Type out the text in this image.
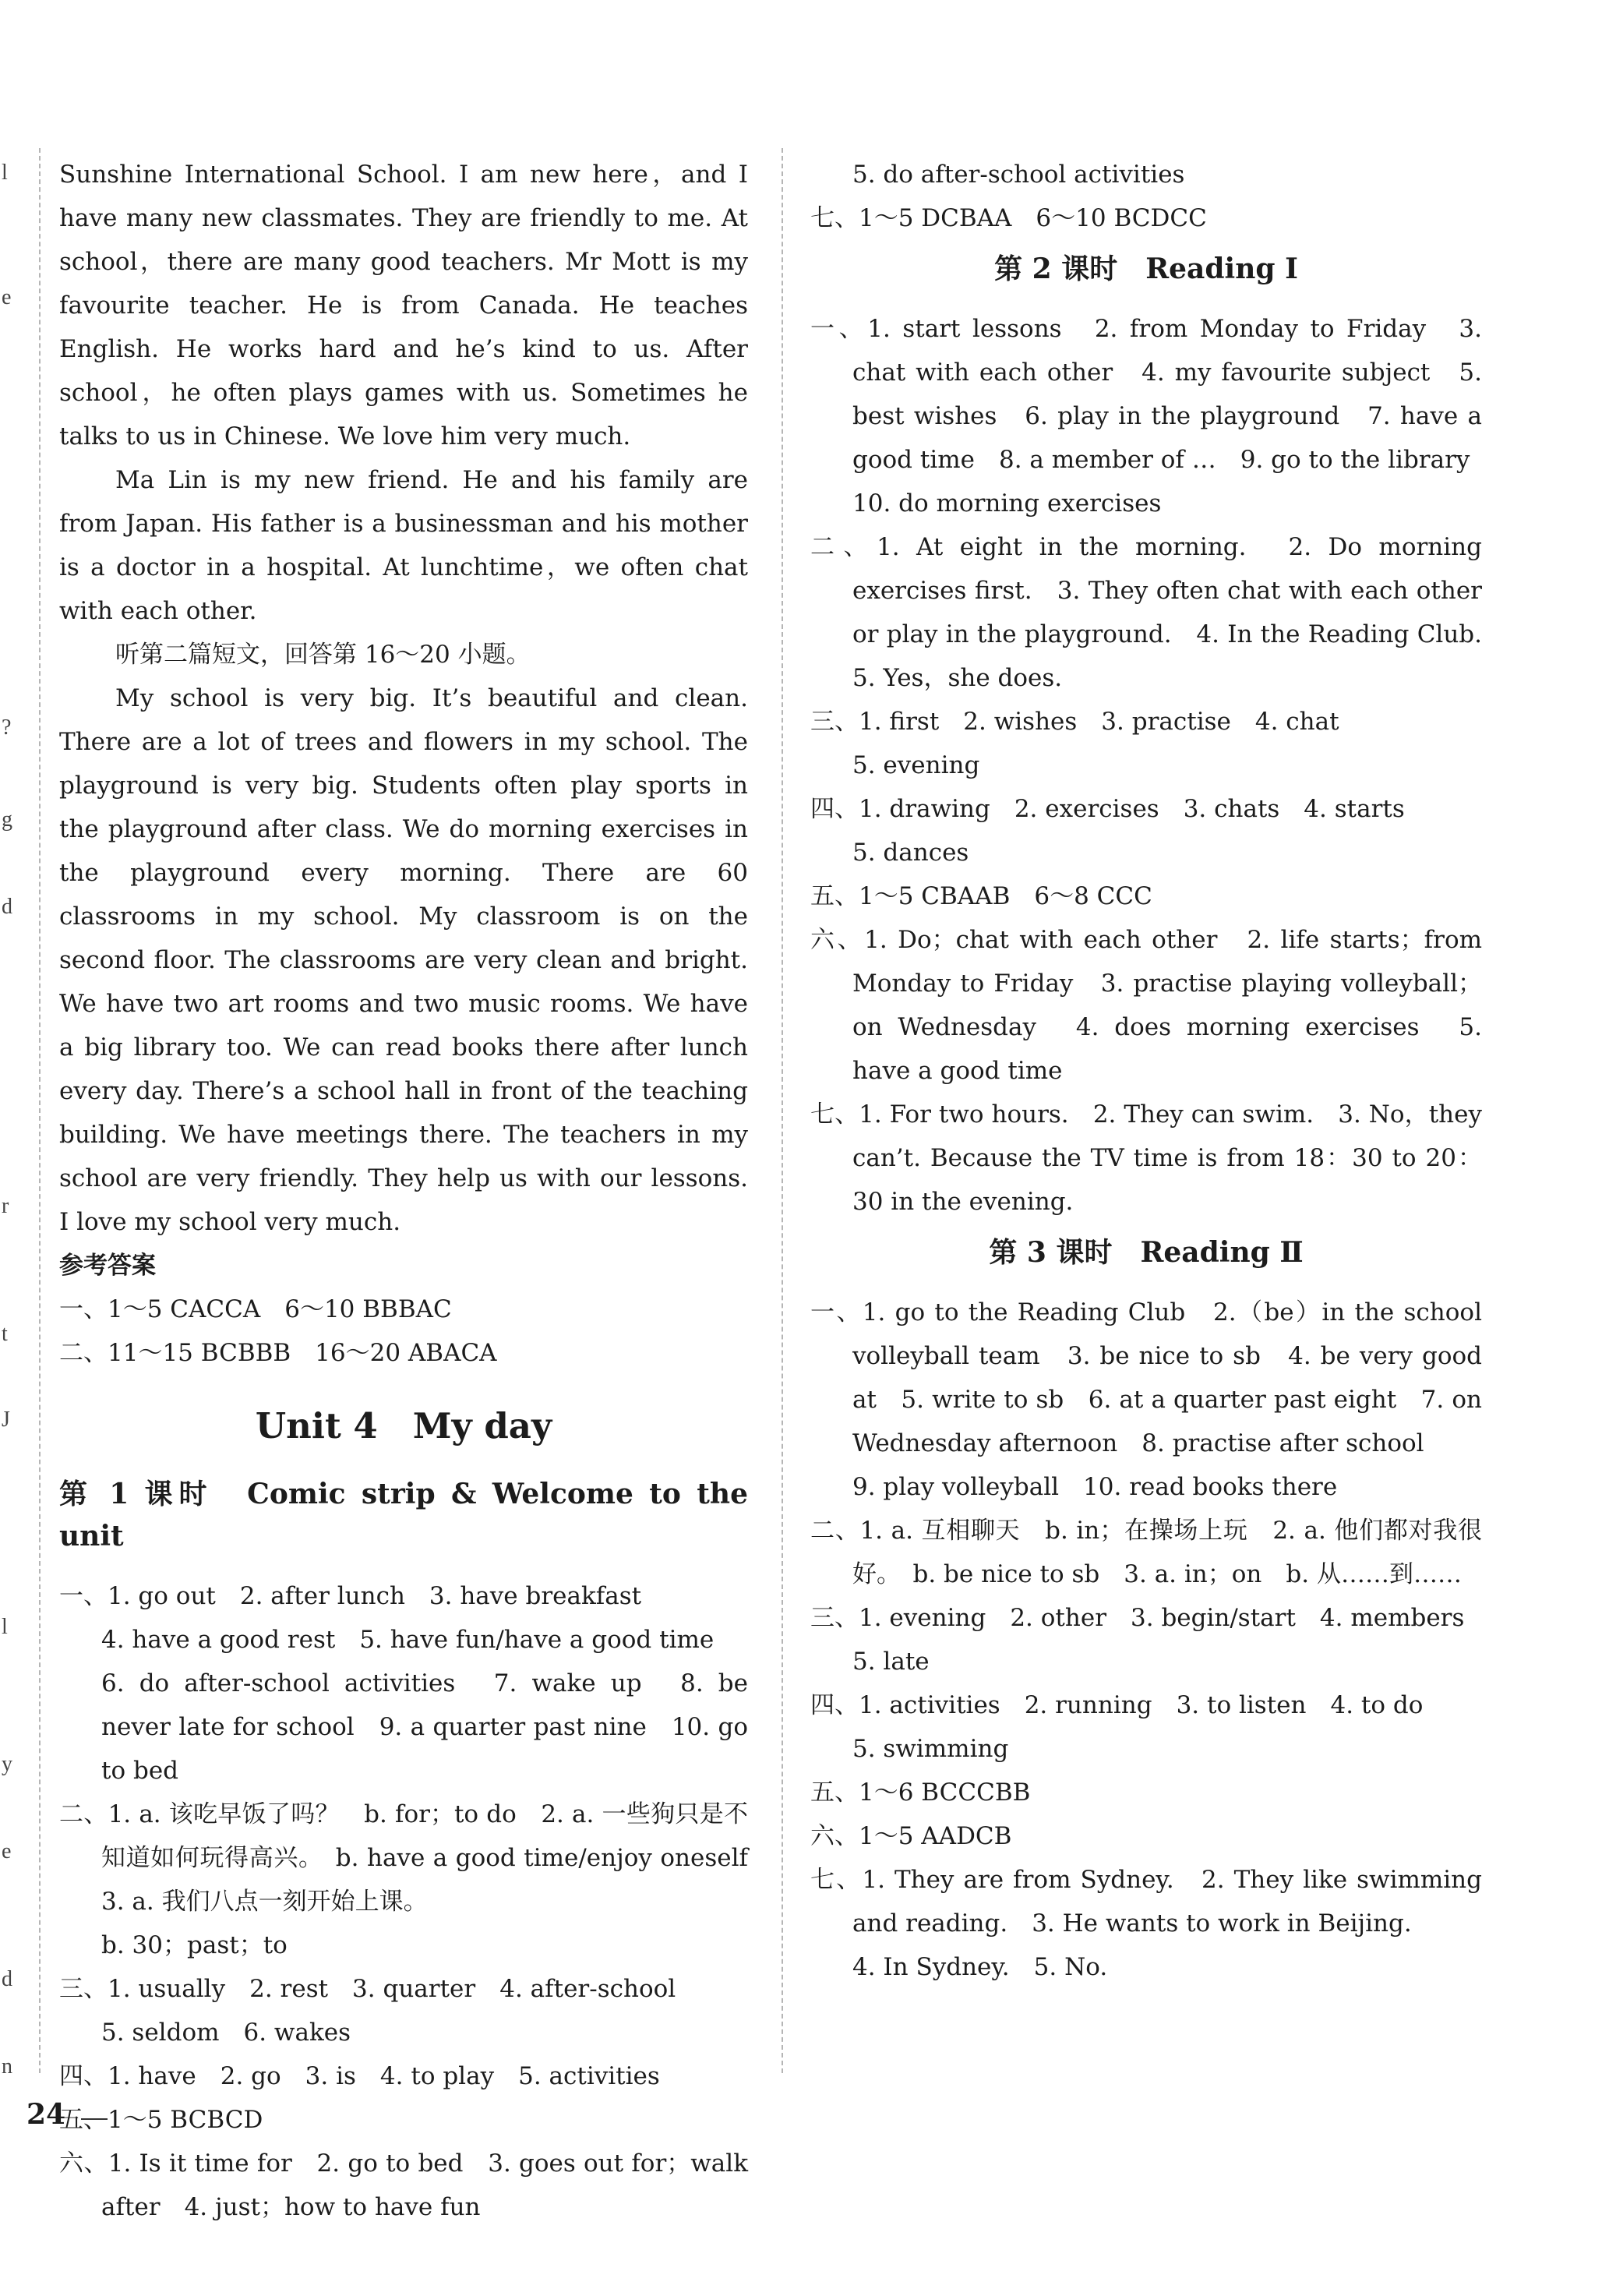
l
e
?
g
d
r
t
J
l
y
e
d
n

Sunshine International School. I am new here，and I have many new classmates. They are friendly to me. At school，there are many good teachers. Mr Mott is my favourite teacher. He is from Canada. He teaches English. He works hard and he’s kind to us. After school，he often plays games with us. Sometimes he talks to us in Chinese. We love him very much.

Ma Lin is my new friend. He and his family are from Japan. His father is a businessman and his mother is a doctor in a hospital. At lunchtime，we often chat with each other.

听第二篇短文，回答第 16～20 小题。

My school is very big. It’s beautiful and clean. There are a lot of trees and flowers in my school. The playground is very big. Students often play sports in the playground after class. We do morning exercises in the playground every morning. There are 60 classrooms in my school. My classroom is on the second floor. The classrooms are very clean and bright. We have two art rooms and two music rooms. We have a big library too. We can read books there after lunch every day. There’s a school hall in front of the teaching building. We have meetings there. The teachers in my school are very friendly. They help us with our lessons. I love my school very much.

参考答案

一、1～5 CACCA　6～10 BBBAC

二、11～15 BCBBB　16～20 ABACA

Unit 4　My day

第 1 课时　Comic strip & Welcome to the unit

一、1. go out　2. after lunch　3. have breakfast

4. have a good rest　5. have fun/have a good time

6. do after-school activities　7. wake up　8. be never late for school　9. a quarter past nine　10. go to bed

二、1. a. 该吃早饭了吗？　b. for；to do　2. a. 一些狗只是不知道如何玩得高兴。　b. have a good time/enjoy oneself　3. a. 我们八点一刻开始上课。

b. 30；past；to

三、1. usually　2. rest　3. quarter　4. after-school

5. seldom　6. wakes

四、1. have　2. go　3. is　4. to play　5. activities

五、1～5 BCBCD

六、1. Is it time for　2. go to bed　3. goes out for；walk after　4. just；how to have fun

5. do after-school activities

七、1～5 DCBAA　6～10 BCDCC

第 2 课时　Reading Ⅰ

一、1. start lessons　2. from Monday to Friday　3. chat with each other　4. my favourite subject　5. best wishes　6. play in the playground　7. have a good time　8. a member of …　9. go to the library

10. do morning exercises

二、1. At eight in the morning.　2. Do morning exercises first.　3. They often chat with each other or play in the playground.　4. In the Reading Club.　5. Yes，she does.

三、1. first　2. wishes　3. practise　4. chat

5. evening

四、1. drawing　2. exercises　3. chats　4. starts

5. dances

五、1～5 CBAAB　6～8 CCC

六、1. Do；chat with each other　2. life starts；from Monday to Friday　3. practise playing volleyball；on Wednesday　4. does morning exercises　5. have a good time

七、1. For two hours.　2. They can swim.　3. No，they can’t. Because the TV time is from 18：30 to 20：30 in the evening.

第 3 课时　Reading Ⅱ

一、1. go to the Reading Club　2.（be）in the school volleyball team　3. be nice to sb　4. be very good at　5. write to sb　6. at a quarter past eight　7. on Wednesday afternoon　8. practise after school

9. play volleyball　10. read books there

二、1. a. 互相聊天　b. in；在操场上玩　2. a. 他们都对我很好。　b. be nice to sb　3. a. in；on　b. 从……到……

三、1. evening　2. other　3. begin/start　4. members

5. late

四、1. activities　2. running　3. to listen　4. to do

5. swimming

五、1～6 BCCCBB

六、1～5 AADCB

七、1. They are from Sydney.　2. They like swimming and reading.　3. He wants to work in Beijing.

4. In Sydney.　5. No.

24
